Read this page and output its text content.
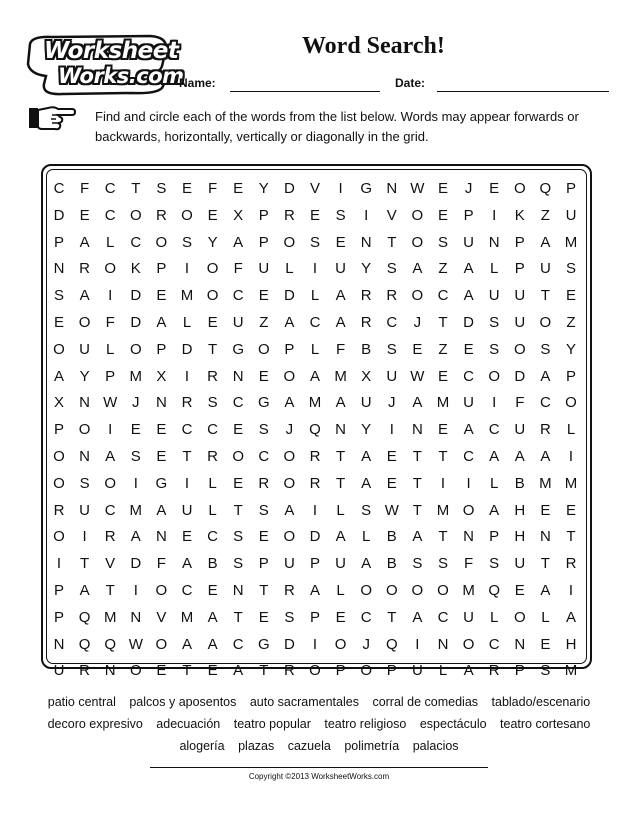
Worksheet
Works.com
Word Search!
Name:	Date:
Find and circle each of the words from the list below. Words may appear forwards or backwards, horizontally, vertically or diagonally in the grid.
C	F	C	T	S	E	F	E	Y	D	V	I	G N W E	J	E O Q P
D	E	C O R O E	X	P	R	E	S	I	V O E	P	I	K	Z	U
P	A	L	C O S	Y	A	P O S	E	N	T	O S	U N	P	A M
N R O K	P	I	O	F	U	L	I	U	Y	S	A	Z	A	L	P	U	S
S	A	I	D	E M O C	E	D	L	A	R R O C	A	U U	T	E
E O	F	D	A	L	E	U	Z	A	C	A	R C	J	T	D	S	U O	Z
O U	L	O P	D	T	G O P	L	F	B	S	E	Z	E	S O S	Y
A	Y	P M X	I	R N	E O A M X	U W E	C O D	A	P
X	N W J	N R	S	C G A M A	U	J	A M U	I	F	C O
P O	I	E	E	C C	E	S	J	Q N	Y	I	N	E	A	C U R	L
O N	A	S	E	T	R O C O R	T	A	E	T	T	C	A	A	A	I
O S O	I	G	I	L	E	R O R	T	A	E	T	I	I	L	B M M
R U C M A	U	L	T	S	A	I	L	S W T M O A	H	E	E
O	I	R	A	N	E	C	S	E O D	A	L	B	A	T	N	P	H N	T
I	T	V	D	F	A	B	S	P	U	P	U	A	B	S	S	F	S	U	T	R
P	A	T	I	O C	E	N	T	R	A	L	O O O O M Q E	A	I
P Q M N	V M A	T	E	S	P	E	C	T	A	C U	L	O	L	A
N Q Q W O A	A	C G D	I	O	J	Q	I	N O C N	E	H
U R N O E	T	E	A	T	R O P O P	U	L	A	R	P	S M
patio central palcos y aposentos auto sacramentales corral de comedias tablado/escenario
decoro expresivo adecuación teatro popular teatro religioso espectáculo teatro cortesano
alogería plazas cazuela polimetría palacios
Copyright ©2013 WorksheetWorks.com
